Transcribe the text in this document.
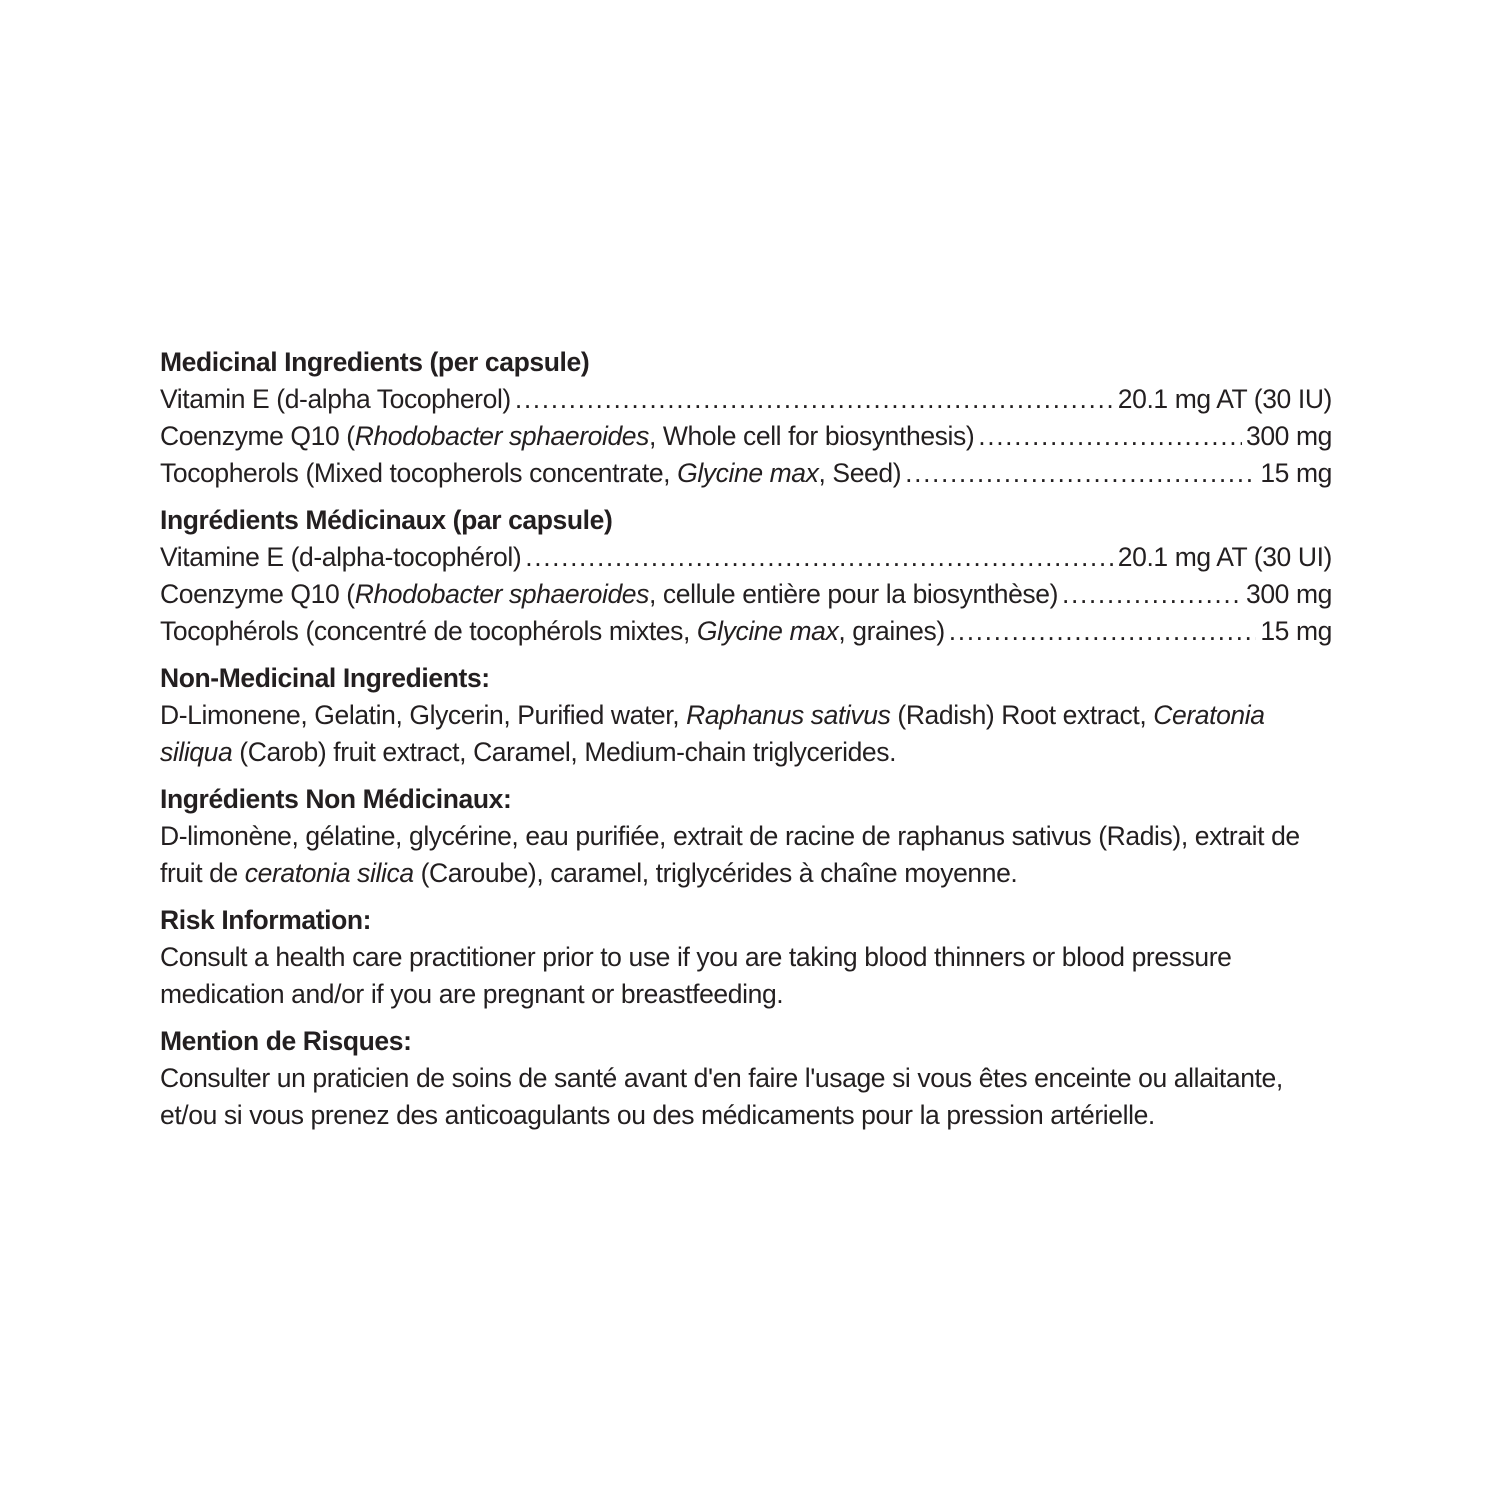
Medicinal Ingredients (per capsule)
Vitamin E (d-alpha Tocopherol) .....	20.1 mg AT (30 IU)
Coenzyme Q10 (Rhodobacter sphaeroides, Whole cell for biosynthesis) .....	300 mg
Tocopherols (Mixed tocopherols concentrate, Glycine max, Seed) .....	15 mg
Ingrédients Médicinaux (par capsule)
Vitamine E (d-alpha-tocophérol) .....	20.1 mg AT (30 UI)
Coenzyme Q10 (Rhodobacter sphaeroides, cellule entière pour la biosynthèse) .....	300 mg
Tocophérols (concentré de tocophérols mixtes, Glycine max, graines) .....	15 mg
Non-Medicinal Ingredients:
D-Limonene, Gelatin, Glycerin, Purified water, Raphanus sativus (Radish) Root extract, Ceratonia siliqua (Carob) fruit extract, Caramel, Medium-chain triglycerides.
Ingrédients Non Médicinaux:
D-limonène, gélatine, glycérine, eau purifiée, extrait de racine de raphanus sativus (Radis), extrait de fruit de ceratonia silica (Caroube), caramel, triglycérides à chaîne moyenne.
Risk Information:
Consult a health care practitioner prior to use if you are taking blood thinners or blood pressure medication and/or if you are pregnant or breastfeeding.
Mention de Risques:
Consulter un praticien de soins de santé avant d'en faire l'usage si vous êtes enceinte ou allaitante, et/ou si vous prenez des anticoagulants ou des médicaments pour la pression artérielle.
